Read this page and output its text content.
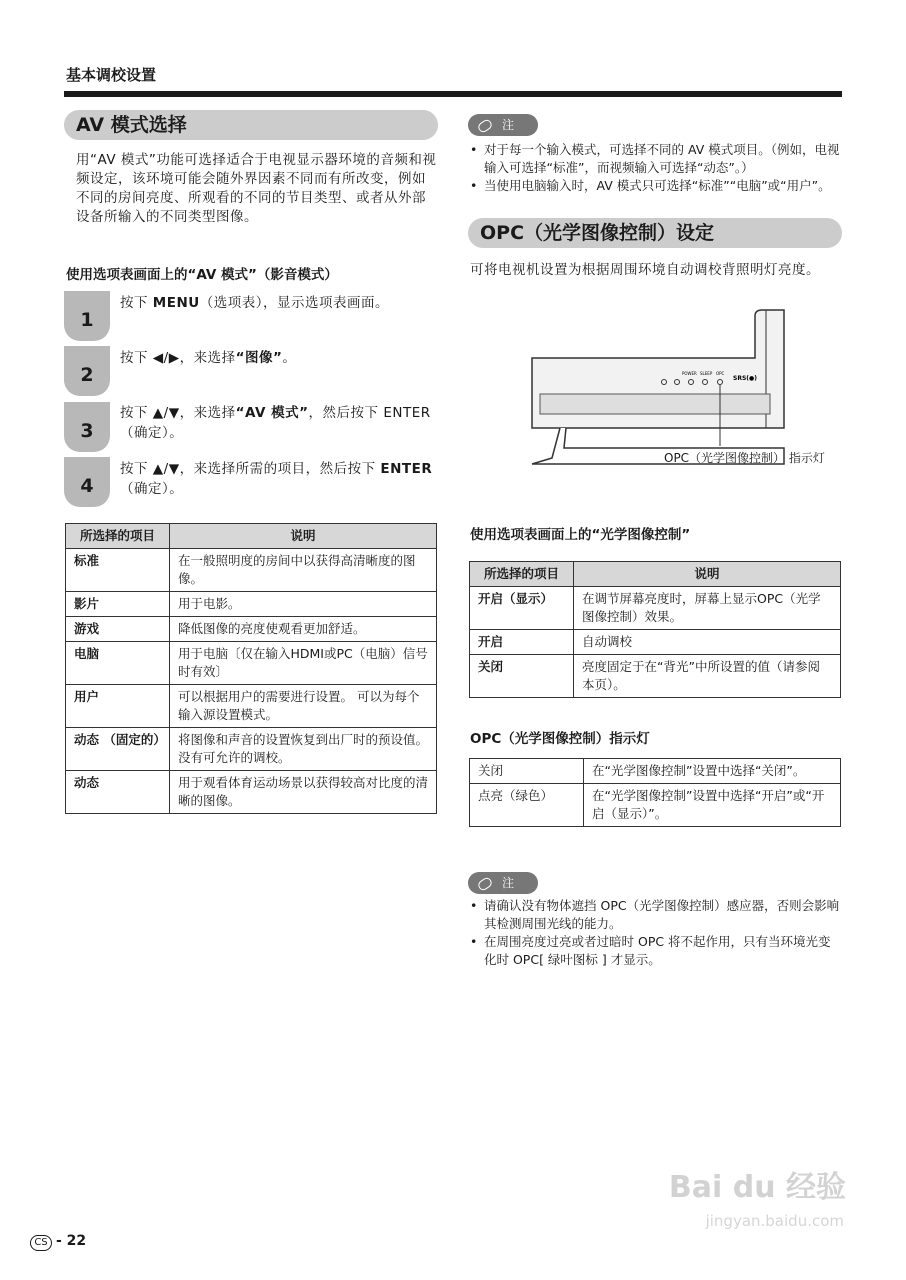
基本调校设置
AV 模式选择
用“AV 模式”功能可选择适合于电视显示器环境的音频和视频设定，该环境可能会随外界因素不同而有所改变，例如不同的房间亮度、所观看的不同的节目类型、或者从外部设备所输入的不同类型图像。
使用选项表画面上的“AV 模式”（影音模式）
1
按下 MENU（选项表），显示选项表画面。
2
按下 ◀/▶，来选择“图像”。
3
按下 ▲/▼，来选择“AV 模式”，然后按下 ENTER（确定）。
4
按下 ▲/▼，来选择所需的项目，然后按下 ENTER（确定）。
所选择的项目	说明
标准	在一般照明度的房间中以获得高清晰度的图像。
影片	用于电影。
游戏	降低图像的亮度使观看更加舒适。
电脑	用于电脑〔仅在输入HDMI或PC（电脑）信号时有效〕
用户	可以根据用户的需要进行设置。 可以为每个输入源设置模式。
动态 （固定的）	将图像和声音的设置恢复到出厂时的预设值。没有可允许的调校。
动态	用于观看体育运动场景以获得较高对比度的清晰的图像。
注
• 对于每一个输入模式，可选择不同的 AV 模式项目。（例如，电视输入可选择“标准”，而视频输入可选择“动态”。）
• 当使用电脑输入时，AV 模式只可选择“标准”“电脑”或“用户”。
OPC（光学图像控制）设定
可将电视机设置为根据周围环境自动调校背照明灯亮度。
POWER SLEEP OPC
SRS(●)
OPC（光学图像控制） 指示灯
使用选项表画面上的“光学图像控制”
所选择的项目	说明
开启（显示）	在调节屏幕亮度时，屏幕上显示OPC（光学图像控制）效果。
开启	自动调校
关闭	亮度固定于在“背光”中所设置的值（请参阅本页）。
OPC（光学图像控制）指示灯
关闭	在“光学图像控制”设置中选择“关闭”。
点亮（绿色）	在“光学图像控制”设置中选择“开启”或“开启（显示）”。
注
• 请确认没有物体遮挡 OPC（光学图像控制）感应器，否则会影响其检测周围光线的能力。
• 在周围亮度过亮或者过暗时 OPC 将不起作用，只有当环境光变化时 OPC[ 绿叶图标 ] 才显示。
CS - 22
Bai du 经验
jingyan.baidu.com
